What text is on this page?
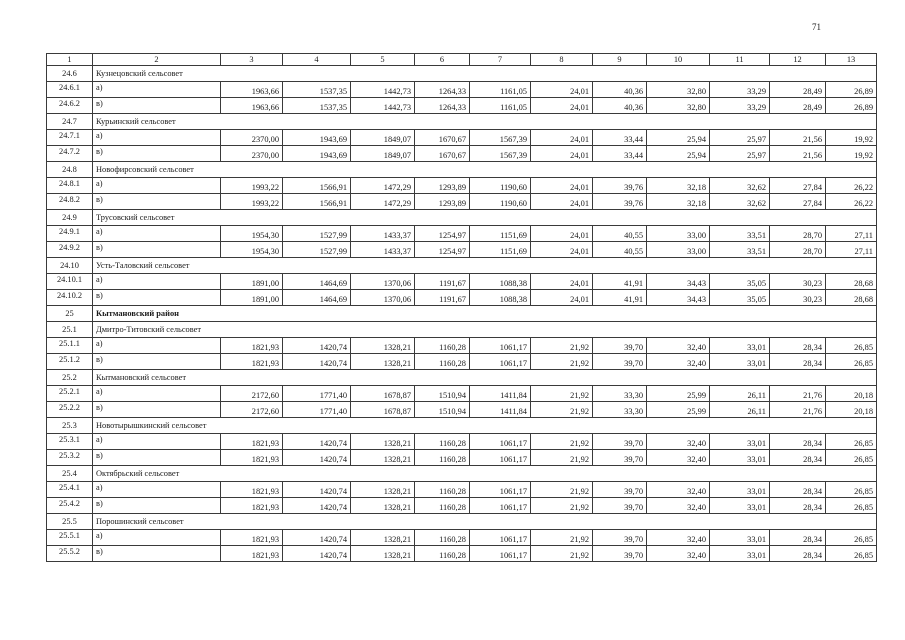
71
1	2	3	4	5	6	7	8	9	10	11	12	13
24.6	Кузнецовский сельсовет											
24.6.1	а)	1963,66	1537,35	1442,73	1264,33	1161,05	24,01	40,36	32,80	33,29	28,49	26,89
24.6.2	в)	1963,66	1537,35	1442,73	1264,33	1161,05	24,01	40,36	32,80	33,29	28,49	26,89
24.7	Курьинский сельсовет											
24.7.1	а)	2370,00	1943,69	1849,07	1670,67	1567,39	24,01	33,44	25,94	25,97	21,56	19,92
24.7.2	в)	2370,00	1943,69	1849,07	1670,67	1567,39	24,01	33,44	25,94	25,97	21,56	19,92
24.8	Новофирсовский сельсовет											
24.8.1	а)	1993,22	1566,91	1472,29	1293,89	1190,60	24,01	39,76	32,18	32,62	27,84	26,22
24.8.2	в)	1993,22	1566,91	1472,29	1293,89	1190,60	24,01	39,76	32,18	32,62	27,84	26,22
24.9	Трусовский сельсовет											
24.9.1	а)	1954,30	1527,99	1433,37	1254,97	1151,69	24,01	40,55	33,00	33,51	28,70	27,11
24.9.2	в)	1954,30	1527,99	1433,37	1254,97	1151,69	24,01	40,55	33,00	33,51	28,70	27,11
24.10	Усть-Таловский сельсовет											
24.10.1	а)	1891,00	1464,69	1370,06	1191,67	1088,38	24,01	41,91	34,43	35,05	30,23	28,68
24.10.2	в)	1891,00	1464,69	1370,06	1191,67	1088,38	24,01	41,91	34,43	35,05	30,23	28,68
25	Кытмановский район											
25.1	Дмитро-Титовский сельсовет											
25.1.1	а)	1821,93	1420,74	1328,21	1160,28	1061,17	21,92	39,70	32,40	33,01	28,34	26,85
25.1.2	в)	1821,93	1420,74	1328,21	1160,28	1061,17	21,92	39,70	32,40	33,01	28,34	26,85
25.2	Кытмановский сельсовет											
25.2.1	а)	2172,60	1771,40	1678,87	1510,94	1411,84	21,92	33,30	25,99	26,11	21,76	20,18
25.2.2	в)	2172,60	1771,40	1678,87	1510,94	1411,84	21,92	33,30	25,99	26,11	21,76	20,18
25.3	Новотырышкинский сельсовет											
25.3.1	а)	1821,93	1420,74	1328,21	1160,28	1061,17	21,92	39,70	32,40	33,01	28,34	26,85
25.3.2	в)	1821,93	1420,74	1328,21	1160,28	1061,17	21,92	39,70	32,40	33,01	28,34	26,85
25.4	Октябрьский сельсовет											
25.4.1	а)	1821,93	1420,74	1328,21	1160,28	1061,17	21,92	39,70	32,40	33,01	28,34	26,85
25.4.2	в)	1821,93	1420,74	1328,21	1160,28	1061,17	21,92	39,70	32,40	33,01	28,34	26,85
25.5	Порошинский сельсовет											
25.5.1	а)	1821,93	1420,74	1328,21	1160,28	1061,17	21,92	39,70	32,40	33,01	28,34	26,85
25.5.2	в)	1821,93	1420,74	1328,21	1160,28	1061,17	21,92	39,70	32,40	33,01	28,34	26,85
